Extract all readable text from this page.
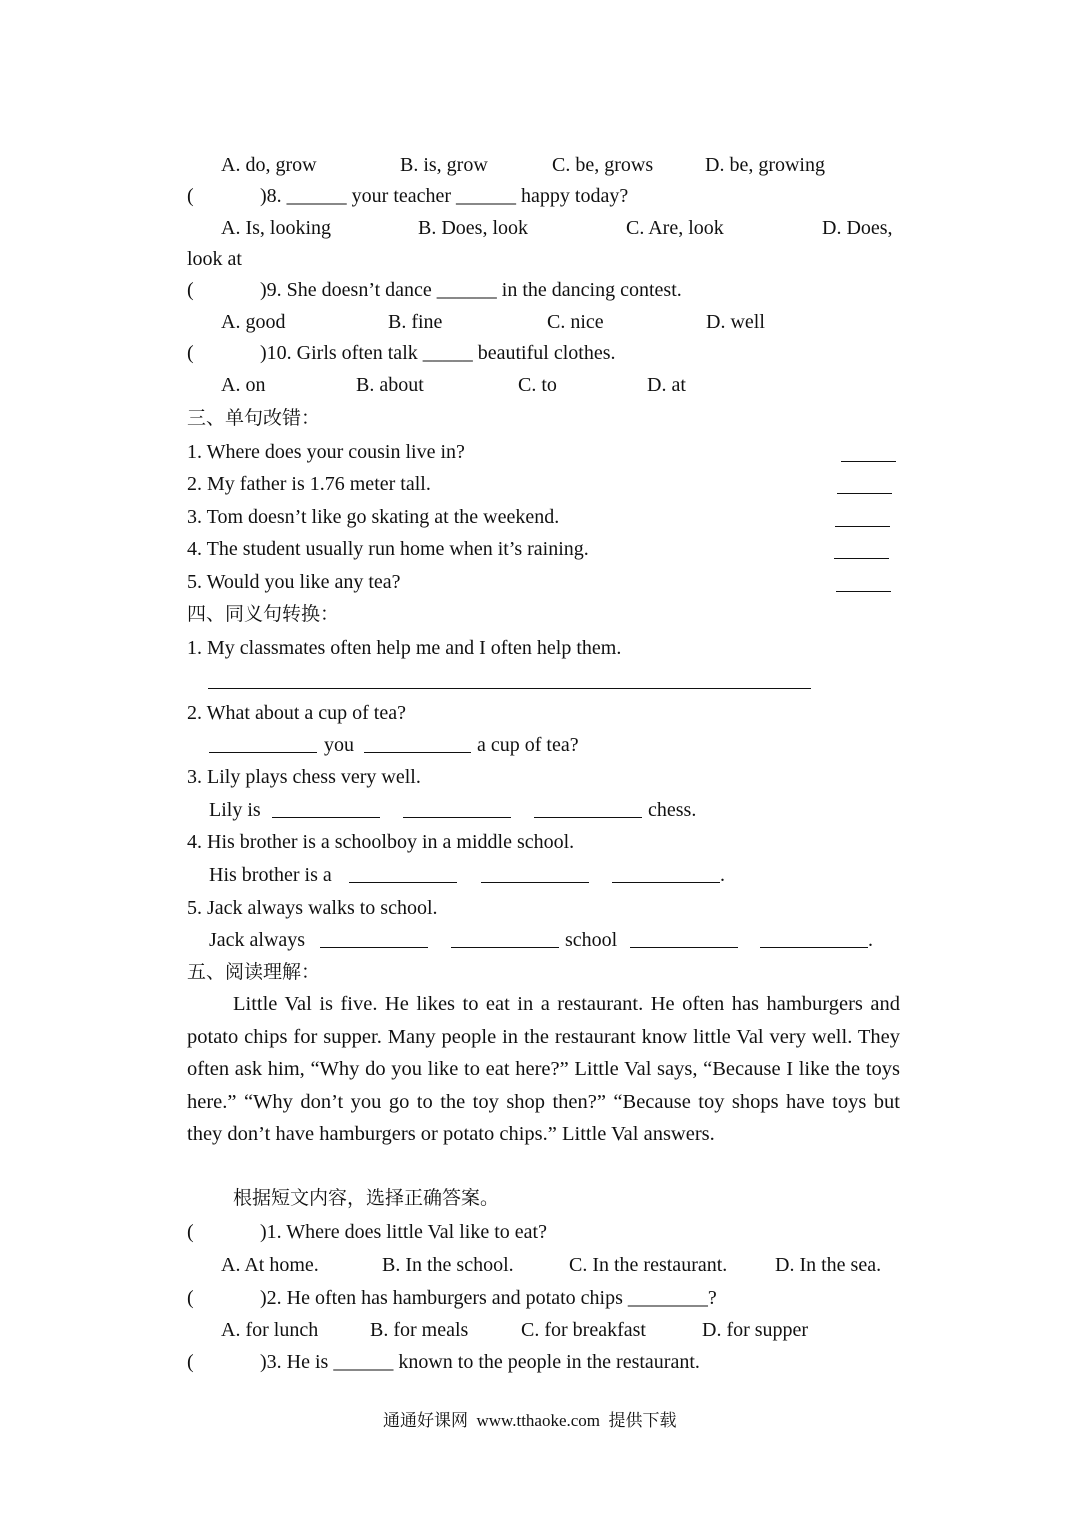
A. do, grow	B. is, grow	C. be, grows	D. be, growing
(	)8. ______ your teacher ______ happy today?
A. Is, looking	B. Does, look	C. Are, look	D. Does,
look at
(	)9. She doesn’t dance ______ in the dancing contest.
A. good	B. fine	C. nice	D. well
(	)10. Girls often talk _____ beautiful clothes.
A. on	B. about	C. to	D. at
三、单句改错：
1. Where does your cousin live in?
2. My father is 1.76 meter tall.
3. Tom doesn’t like go skating at the weekend.
4. The student usually run home when it’s raining.
5. Would you like any tea?
四、同义句转换：
1. My classmates often help me and I often help them.
2. What about a cup of tea?
you	a cup of tea?
3. Lily plays chess very well.
Lily is	chess.
4. His brother is a schoolboy in a middle school.
His brother is a	.
5. Jack always walks to school.
Jack always	school	.
五、阅读理解：
Little Val is five. He likes to eat in a restaurant. He often has hamburgers and potato chips for supper. Many people in the restaurant know little Val very well. They often ask him, “Why do you like to eat here?” Little Val says, “Because I like the toys here.” “Why don’t you go to the toy shop then?” “Because toy shops have toys but they don’t have hamburgers or potato chips.” Little Val answers.
根据短文内容，选择正确答案。
(	)1. Where does little Val like to eat?
A. At home.	B. In the school.	C. In the restaurant. D. In the sea.
(	)2. He often has hamburgers and potato chips ________?
A. for lunch	B. for meals	C. for breakfast	D. for supper
(	)3. He is ______ known to the people in the restaurant.
通通好课网  www.tthaoke.com  提供下载
